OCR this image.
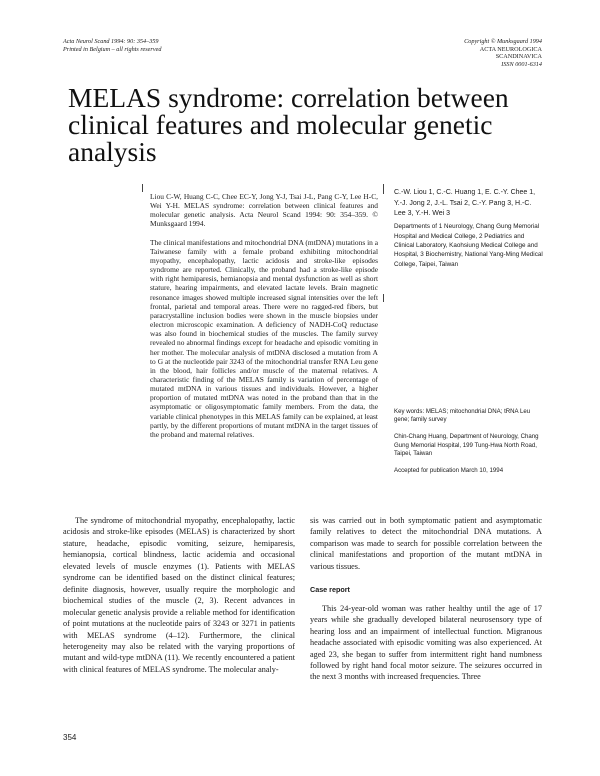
Acta Neurol Scand 1994: 90: 354–359
Printed in Belgium – all rights reserved
Copyright © Munksgaard 1994
ACTA NEUROLOGICA
SCANDINAVICA
ISSN 0001-6314
MELAS syndrome: correlation between clinical features and molecular genetic analysis

Liou C-W, Huang C-C, Chee EC-Y, Jong Y-J, Tsai J-L, Pang C-Y, Lee H-C, Wei Y-H. MELAS syndrome: correlation between clinical features and molecular genetic analysis. Acta Neurol Scand 1994: 90: 354–359. © Munksgaard 1994.

The clinical manifestations and mitochondrial DNA (mtDNA) mutations in a Taiwanese family with a female proband exhibiting mitochondrial myopathy, encephalopathy, lactic acidosis and stroke-like episodes syndrome are reported. Clinically, the proband had a stroke-like episode with right hemiparesis, hemianopsia and mental dysfunction as well as short stature, hearing impairments, and elevated lactate levels. Brain magnetic resonance images showed multiple increased signal intensities over the left frontal, parietal and temporal areas. There were no ragged-red fibers, but paracrystalline inclusion bodies were shown in the muscle biopsies under electron microscopic examination. A deficiency of NADH-CoQ reductase was also found in biochemical studies of the muscles. The family survey revealed no abnormal findings except for headache and episodic vomiting in her mother. The molecular analysis of mtDNA disclosed a mutation from A to G at the nucleotide pair 3243 of the mitochondrial transfer RNA Leu gene in the blood, hair follicles and/or muscle of the maternal relatives. A characteristic finding of the MELAS family is variation of percentage of mutated mtDNA in various tissues and individuals. However, a higher proportion of mutated mtDNA was noted in the proband than that in the asymptomatic or oligosymptomatic family members. From the data, the variable clinical phenotypes in this MELAS family can be explained, at least partly, by the different proportions of mutant mtDNA in the target tissues of the proband and maternal relatives.

C.-W. Liou 1, C.-C. Huang 1, E. C.-Y. Chee 1, Y.-J. Jong 2, J.-L. Tsai 2, C.-Y. Pang 3, H.-C. Lee 3, Y.-H. Wei 3

Departments of 1 Neurology, Chang Gung Memorial Hospital and Medical College, 2 Pediatrics and Clinical Laboratory, Kaohsiung Medical College and Hospital, 3 Biochemistry, National Yang-Ming Medical College, Taipei, Taiwan

Key words: MELAS; mitochondrial DNA; tRNA Leu gene; family survey

Chin-Chang Huang, Department of Neurology, Chang Gung Memorial Hospital, 199 Tung-Hwa North Road, Taipei, Taiwan

Accepted for publication March 10, 1994

The syndrome of mitochondrial myopathy, encephalopathy, lactic acidosis and stroke-like episodes (MELAS) is characterized by short stature, headache, episodic vomiting, seizure, hemiparesis, hemianopsia, cortical blindness, lactic acidemia and occasional elevated levels of muscle enzymes (1). Patients with MELAS syndrome can be identified based on the distinct clinical features; definite diagnosis, however, usually require the morphologic and biochemical studies of the muscle (2, 3). Recent advances in molecular genetic analysis provide a reliable method for identification of point mutations at the nucleotide pairs of 3243 or 3271 in patients with MELAS syndrome (4–12). Furthermore, the clinical heterogeneity may also be related with the varying proportions of mutant and wild-type mtDNA (11). We recently encountered a patient with clinical features of MELAS syndrome. The molecular analy-

sis was carried out in both symptomatic patient and asymptomatic family relatives to detect the mitochondrial DNA mutations. A comparison was made to search for possible correlation between the clinical manifestations and proportion of the mutant mtDNA in various tissues.

Case report

This 24-year-old woman was rather healthy until the age of 17 years while she gradually developed bilateral neurosensory type of hearing loss and an impairment of intellectual function. Migranous headache associated with episodic vomiting was also experienced. At aged 23, she began to suffer from intermittent right hand numbness followed by right hand focal motor seizure. The seizures occurred in the next 3 months with increased frequencies. Three

354
